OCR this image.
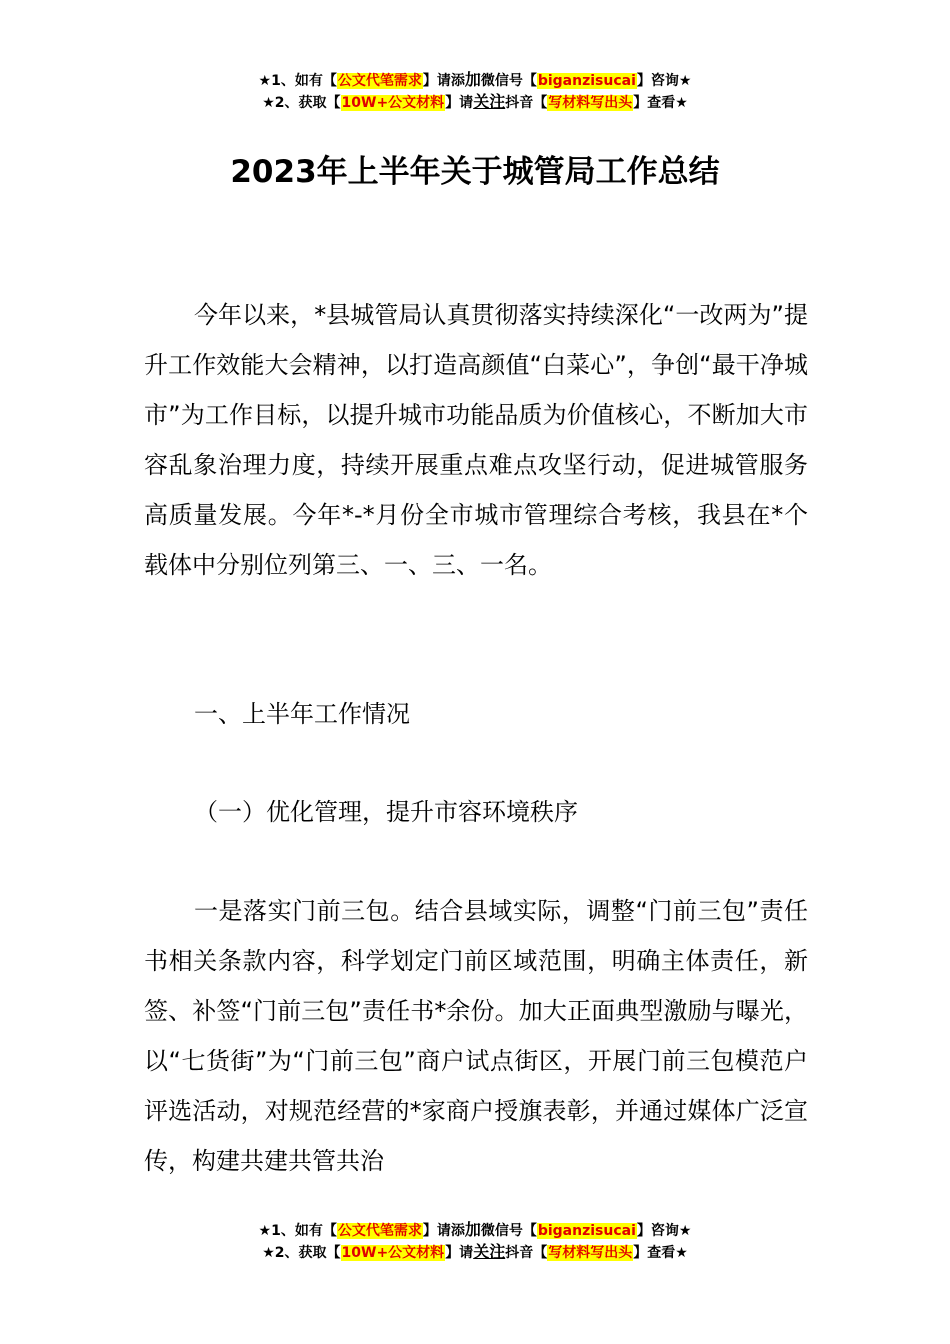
★1、如有【公文代笔需求】请添加微信号【biganzisucai】咨询★
★2、获取【10W+公文材料】请关注抖音【写材料写出头】查看★
2023年上半年关于城管局工作总结

今年以来，*县城管局认真贯彻落实持续深化“一改两为”提升工作效能大会精神，以打造高颜值“白菜心”，争创“最干净城市”为工作目标，以提升城市功能品质为价值核心，不断加大市容乱象治理力度，持续开展重点难点攻坚行动，促进城管服务高质量发展。今年*-*月份全市城市管理综合考核，我县在*个载体中分别位列第三、一、三、一名。

一、上半年工作情况

（一）优化管理，提升市容环境秩序

一是落实门前三包。结合县域实际，调整“门前三包”责任书相关条款内容，科学划定门前区域范围，明确主体责任，新签、补签“门前三包”责任书*余份。加大正面典型激励与曝光，以“七货街”为“门前三包”商户试点街区，开展门前三包模范户评选活动，对规范经营的*家商户授旗表彰，并通过媒体广泛宣传，构建共建共管共治

★1、如有【公文代笔需求】请添加微信号【biganzisucai】咨询★
★2、获取【10W+公文材料】请关注抖音【写材料写出头】查看★
